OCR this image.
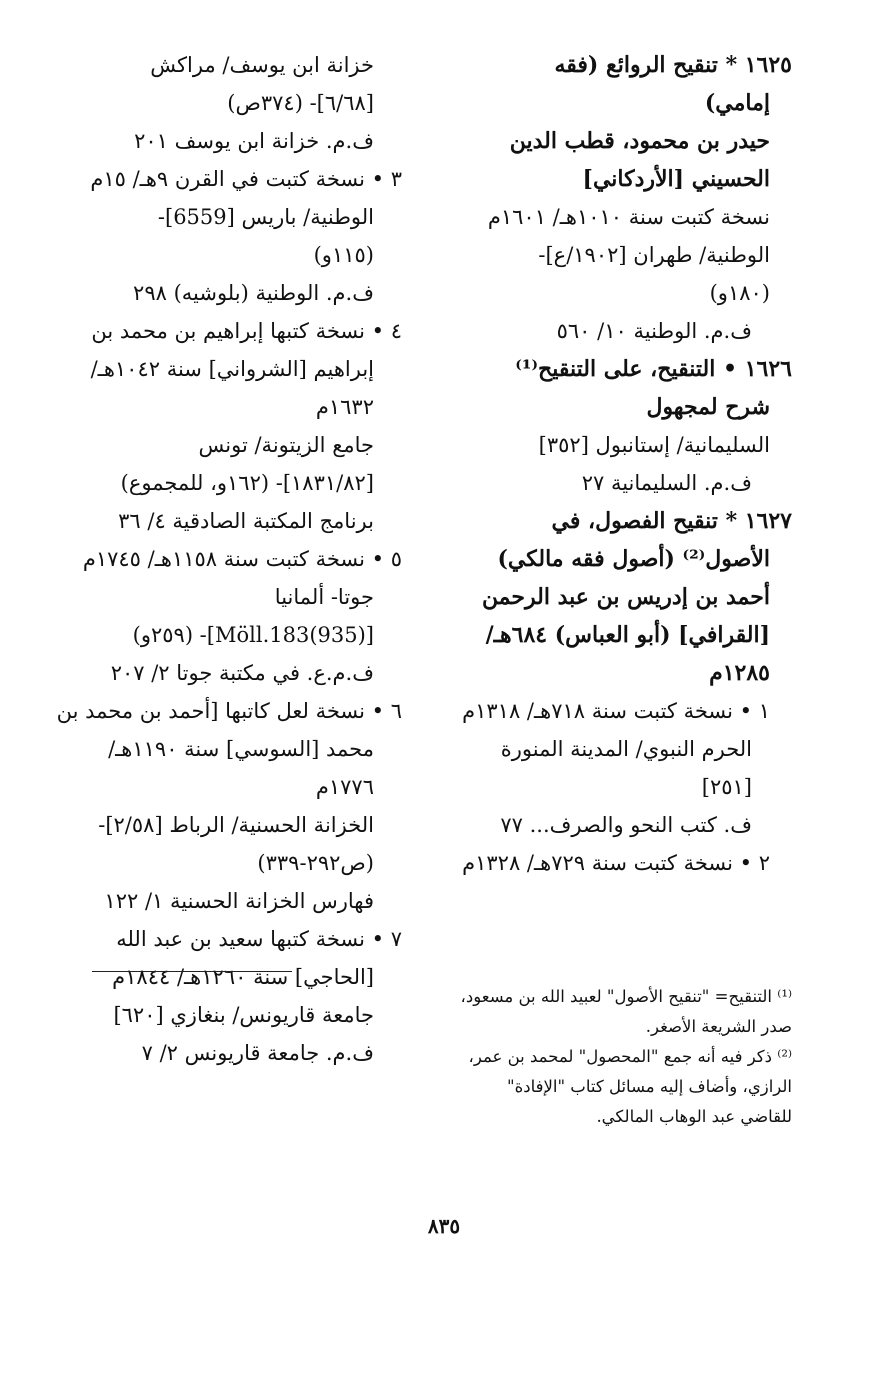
١٦٢٥ * تنقيح الروائع (فقه
إمامي)
حيدر بن محمود، قطب الدين
الحسيني [الأردكاني]
نسخة كتبت سنة ١٠١٠هـ/ ١٦٠١م
الوطنية/ طهران [١٩٠٢/ع]-
(١٨٠و)
ف.م. الوطنية ١٠/ ٥٦٠
١٦٢٦ • التنقيح، على التنقيح⁽¹⁾
شرح لمجهول
السليمانية/ إستانبول [٣٥٢]
ف.م. السليمانية ٢٧
١٦٢٧ * تنقيح الفصول، في
الأصول⁽²⁾ (أصول فقه مالكي)
أحمد بن إدريس بن عبد الرحمن
[القرافي] (أبو العباس) ٦٨٤هـ/
١٢٨٥م
١ • نسخة كتبت سنة ٧١٨هـ/ ١٣١٨م
الحرم النبوي/ المدينة المنورة
[٢٥١]
ف. كتب النحو والصرف... ٧٧
٢ • نسخة كتبت سنة ٧٢٩هـ/ ١٣٢٨م
خزانة ابن يوسف/ مراكش
[٦/٦٨]- (٣٧٤ص)
ف.م. خزانة ابن يوسف ٢٠١
٣ • نسخة كتبت في القرن ٩هـ/ ١٥م
الوطنية/ باريس [6559]-
(١١٥و)
ف.م. الوطنية (بلوشيه) ٢٩٨
٤ • نسخة كتبها إبراهيم بن محمد بن
إبراهيم [الشرواني] سنة ١٠٤٢هـ/
١٦٣٢م
جامع الزيتونة/ تونس
[١٨٣١/٨٢]- (١٦٢و، للمجموع)
برنامج المكتبة الصادقية ٤/ ٣٦
٥ • نسخة كتبت سنة ١١٥٨هـ/ ١٧٤٥م
جوتا- ألمانيا
[Möll.183(935)]- (٢٥٩و)
ف.م.ع. في مكتبة جوتا ٢/ ٢٠٧
٦ • نسخة لعل كاتبها [أحمد بن محمد بن
محمد [السوسي] سنة ١١٩٠هـ/
١٧٧٦م
الخزانة الحسنية/ الرباط [٢/٥٨]-
(ص٢٩٢-٣٣٩)
فهارس الخزانة الحسنية ١/ ١٢٢
٧ • نسخة كتبها سعيد بن عبد الله
[الحاجي] سنة ١٢٦٠هـ/ ١٨٤٤م
جامعة قاريونس/ بنغازي [٦٢٠]
ف.م. جامعة قاريونس ٢/ ٧
⁽¹⁾ التنقيح= "تنقيح الأصول" لعبيد الله بن مسعود،
صدر الشريعة الأصغر.
⁽²⁾ ذكر فيه أنه جمع "المحصول" لمحمد بن عمر،
الرازي، وأضاف إليه مسائل كتاب "الإفادة"
للقاضي عبد الوهاب المالكي.
٨٣٥
